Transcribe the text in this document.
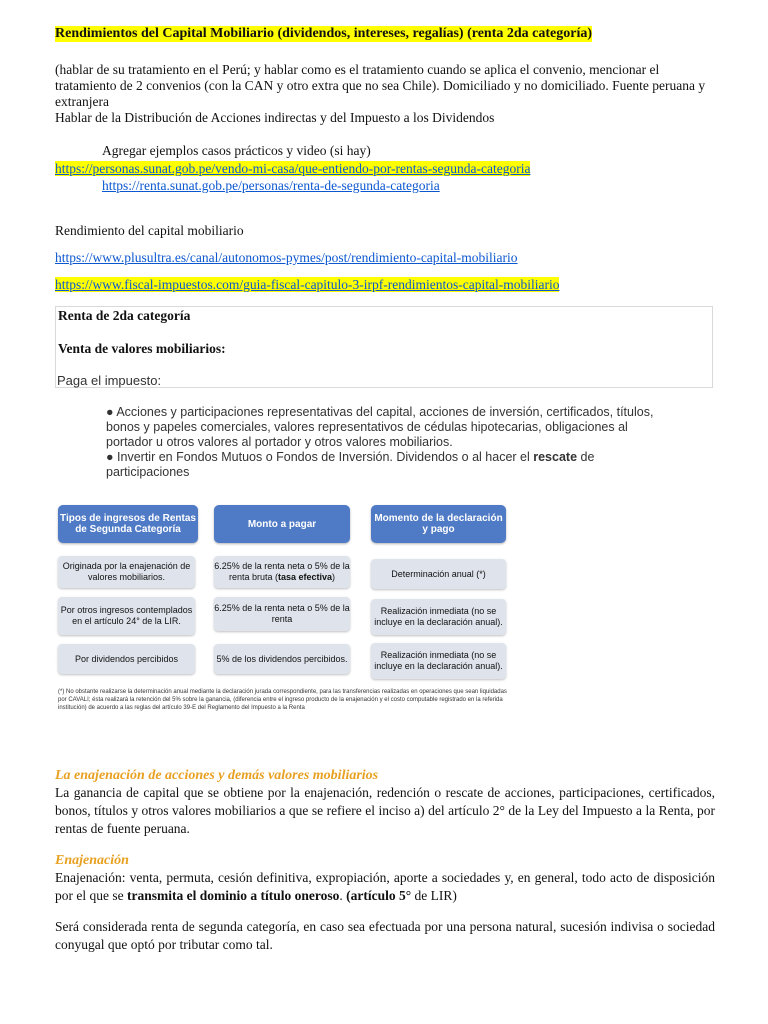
Rendimientos del Capital Mobiliario (dividendos, intereses, regalías) (renta 2da categoría)
(hablar de su tratamiento en el Perú; y hablar como es el tratamiento cuando se aplica el convenio, mencionar el tratamiento de 2 convenios (con la CAN y otro extra que no sea Chile). Domiciliado y no domiciliado. Fuente peruana y extranjera
Hablar de la Distribución de Acciones indirectas y del Impuesto a los Dividendos
Agregar ejemplos casos prácticos y video (si hay)
https://personas.sunat.gob.pe/vendo-mi-casa/que-entiendo-por-rentas-segunda-categoria
https://renta.sunat.gob.pe/personas/renta-de-segunda-categoria
Rendimiento del capital mobiliario
https://www.plusultra.es/canal/autonomos-pymes/post/rendimiento-capital-mobiliario
https://www.fiscal-impuestos.com/guia-fiscal-capitulo-3-irpf-rendimientos-capital-mobiliario
Renta de 2da categoría
Venta de valores mobiliarios:
Paga el impuesto:
● Acciones y participaciones representativas del capital, acciones de inversión, certificados, títulos, bonos y papeles comerciales, valores representativos de cédulas hipotecarias, obligaciones al portador u otros valores al portador y otros valores mobiliarios.
● Invertir en Fondos Mutuos o Fondos de Inversión. Dividendos o al hacer el rescate de participaciones
Tipos de ingresos de Rentas de Segunda Categoría	Monto a pagar	Momento de la declaración y pago
Originada por la enajenación de valores mobiliarios.
Por otros ingresos contemplados en el artículo 24° de la LIR.
Por dividendos percibidos
6.25% de la renta neta o 5% de la renta bruta (tasa efectiva)
6.25% de la renta neta o 5% de la renta
5% de los dividendos percibidos.
Determinación anual (*)
Realización inmediata (no se incluye en la declaración anual).
Realización inmediata (no se incluye en la declaración anual).
(*) No obstante realizarse la determinación anual mediante la declaración jurada correspondiente, para las transferencias realizadas en operaciones que sean liquidadas por CAVALI; ésta realizará la retención del 5% sobre la ganancia, (diferencia entre el ingreso producto de la enajenación y el costo computable registrado en la referida institución) de acuerdo a las reglas del artículo 39-E del Reglamento del Impuesto a la Renta
La enajenación de acciones y demás valores mobiliarios
La ganancia de capital que se obtiene por la enajenación, redención o rescate de acciones, participaciones, certificados, bonos, títulos y otros valores mobiliarios a que se refiere el inciso a) del artículo 2° de la Ley del Impuesto a la Renta, por rentas de fuente peruana.
Enajenación
Enajenación: venta, permuta, cesión definitiva, expropiación, aporte a sociedades y, en general, todo acto de disposición por el que se transmita el dominio a título oneroso. (artículo 5° de LIR)
Será considerada renta de segunda categoría, en caso sea efectuada por una persona natural, sucesión indivisa o sociedad conyugal que optó por tributar como tal.
